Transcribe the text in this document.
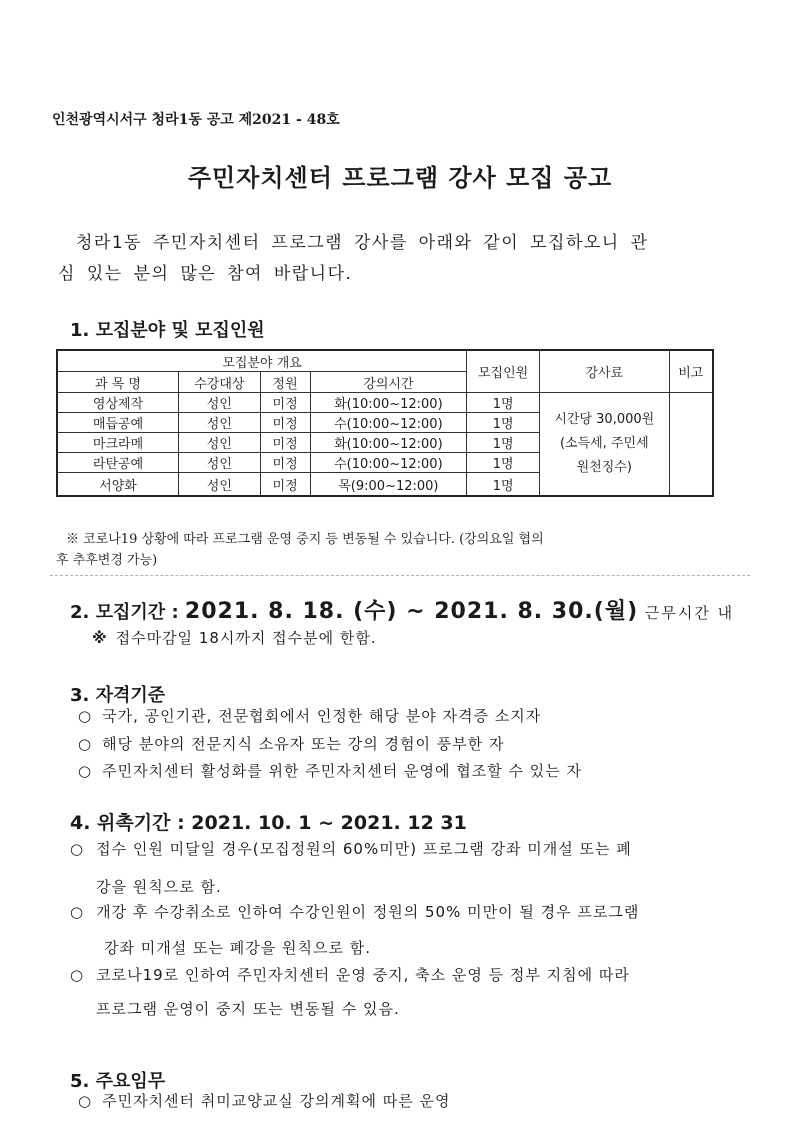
인천광역시서구 청라1동 공고 제2021 - 48호
주민자치센터 프로그램 강사 모집 공고
청라1동 주민자치센터 프로그램 강사를 아래와 같이 모집하오니 관
심 있는 분의 많은 참여 바랍니다.
1. 모집분야 및 모집인원
모집분야 개요				모집인원	강사료	비고
과 목 명	수강대상	정원	강의시간			
영상제작	성인	미정	화(10:00~12:00)	1명	시간당 30,000원
(소득세, 주민세
원천징수)	

매듭공예	성인	미정	수(10:00~12:00)	1명		
마크라메	성인	미정	화(10:00~12:00)	1명		
라탄공예	성인	미정	수(10:00~12:00)	1명		
서양화	성인	미정	목(9:00~12:00)	1명		
※ 코로나19 상황에 따라 프로그램 운영 중지 등 변동될 수 있습니다. (강의요일 협의
후 추후변경 가능)
2. 모집기간 : 2021. 8. 18. (수) ~ 2021. 8. 30.(월) 근무시간 내
※ 접수마감일 18시까지 접수분에 한함.
3. 자격기준
○ 국가, 공인기관, 전문협회에서 인정한 해당 분야 자격증 소지자
○ 해당 분야의 전문지식 소유자 또는 강의 경험이 풍부한 자
○ 주민자치센터 활성화를 위한 주민자치센터 운영에 협조할 수 있는 자
4. 위촉기간 : 2021. 10. 1 ~ 2021. 12 31
○ 접수 인원 미달일 경우(모집정원의 60%미만) 프로그램 강좌 미개설 또는 폐
강을 원칙으로 함.
○ 개강 후 수강취소로 인하여 수강인원이 정원의 50% 미만이 될 경우 프로그램
강좌 미개설 또는 폐강을 원칙으로 함.
○ 코로나19로 인하여 주민자치센터 운영 중지, 축소 운영 등 정부 지침에 따라
프로그램 운영이 중지 또는 변동될 수 있음.
5. 주요임무
○ 주민자치센터 취미교양교실 강의계획에 따른 운영
